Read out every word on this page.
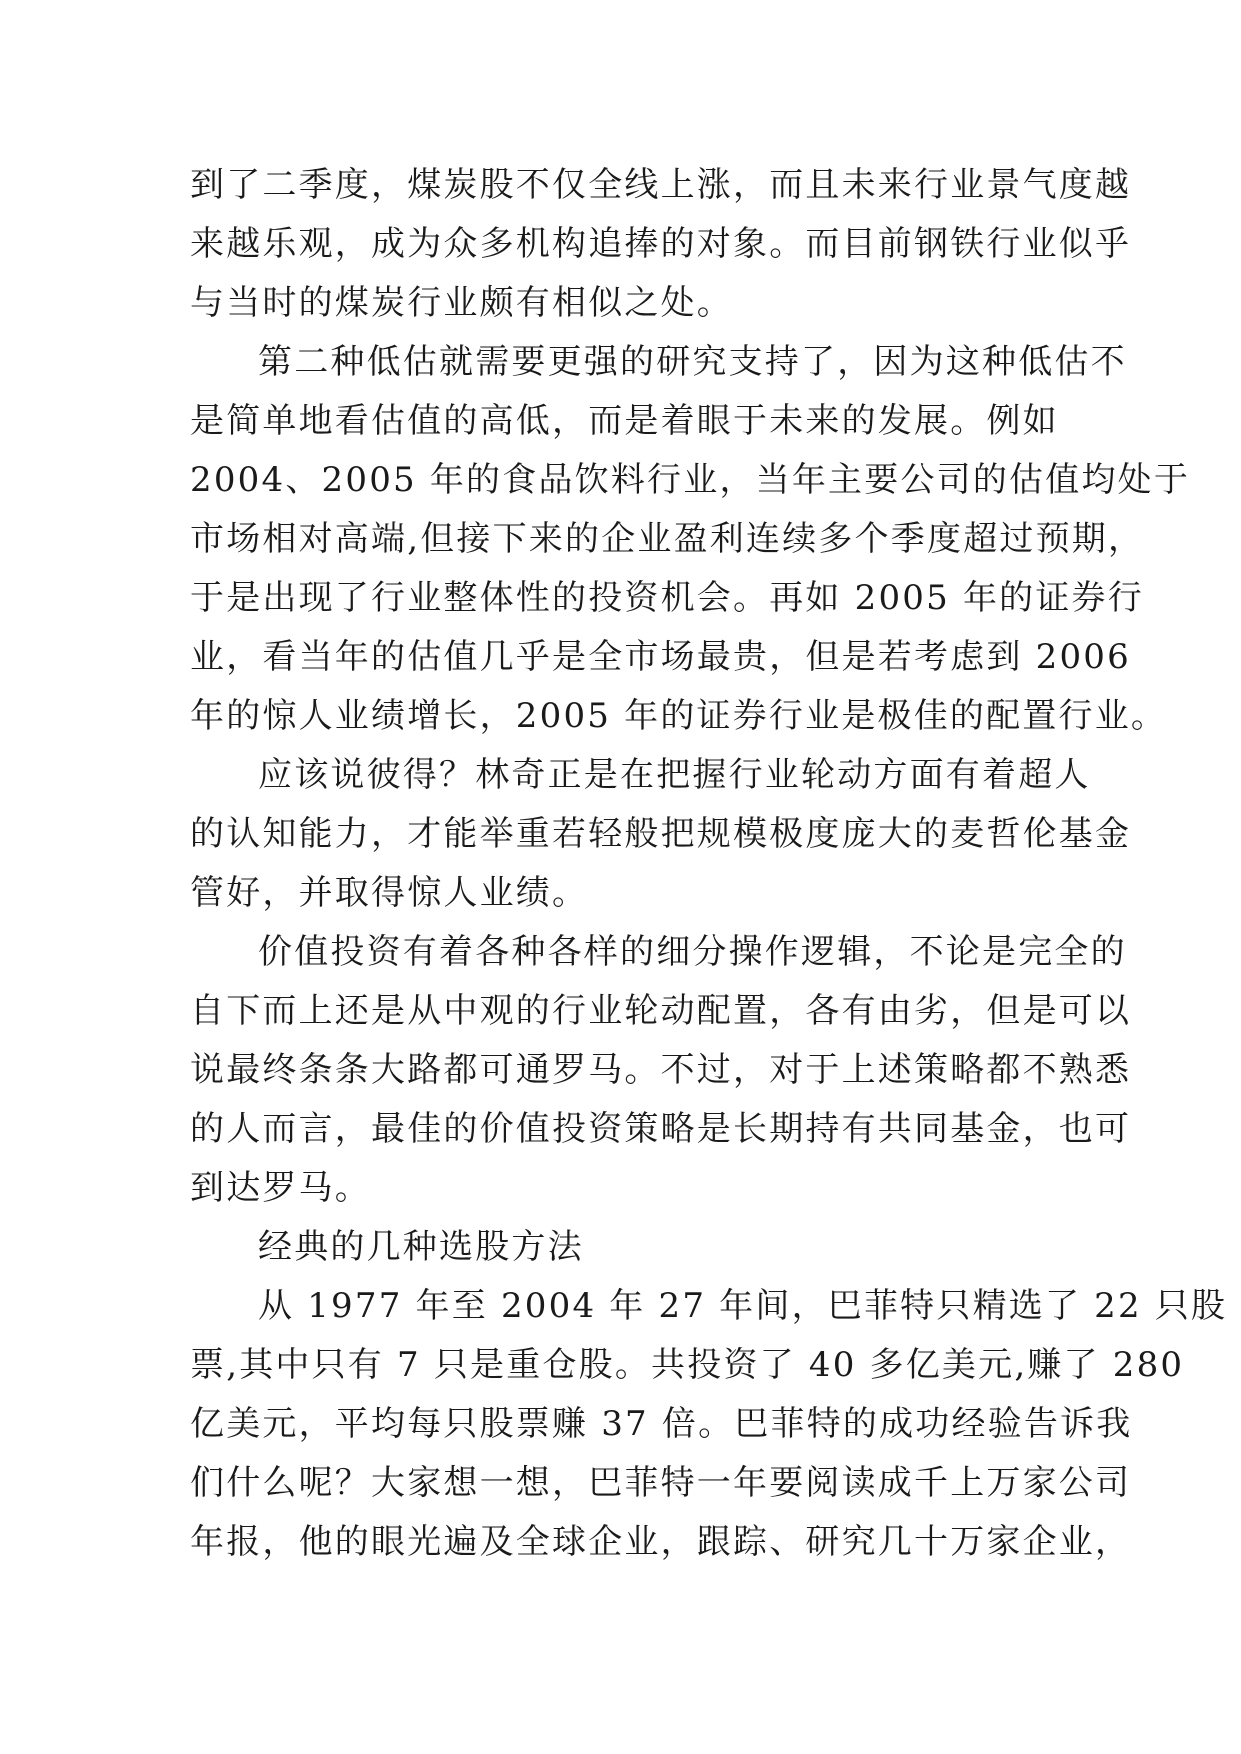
到了二季度，煤炭股不仅全线上涨，而且未来行业景气度越
来越乐观，成为众多机构追捧的对象。而目前钢铁行业似乎
与当时的煤炭行业颇有相似之处。
第二种低估就需要更强的研究支持了，因为这种低估不
是简单地看估值的高低，而是着眼于未来的发展。例如
2004、2005 年的食品饮料行业，当年主要公司的估值均处于
市场相对高端,但接下来的企业盈利连续多个季度超过预期，
于是出现了行业整体性的投资机会。再如 2005 年的证券行
业，看当年的估值几乎是全市场最贵，但是若考虑到 2006
年的惊人业绩增长，2005 年的证券行业是极佳的配置行业。
应该说彼得？林奇正是在把握行业轮动方面有着超人
的认知能力，才能举重若轻般把规模极度庞大的麦哲伦基金
管好，并取得惊人业绩。
价值投资有着各种各样的细分操作逻辑，不论是完全的
自下而上还是从中观的行业轮动配置，各有由劣，但是可以
说最终条条大路都可通罗马。不过，对于上述策略都不熟悉
的人而言，最佳的价值投资策略是长期持有共同基金，也可
到达罗马。
经典的几种选股方法
从 1977 年至 2004 年 27 年间，巴菲特只精选了 22 只股
票,其中只有 7 只是重仓股。共投资了 40 多亿美元,赚了 280
亿美元，平均每只股票赚 37 倍。巴菲特的成功经验告诉我
们什么呢？大家想一想，巴菲特一年要阅读成千上万家公司
年报，他的眼光遍及全球企业，跟踪、研究几十万家企业，
